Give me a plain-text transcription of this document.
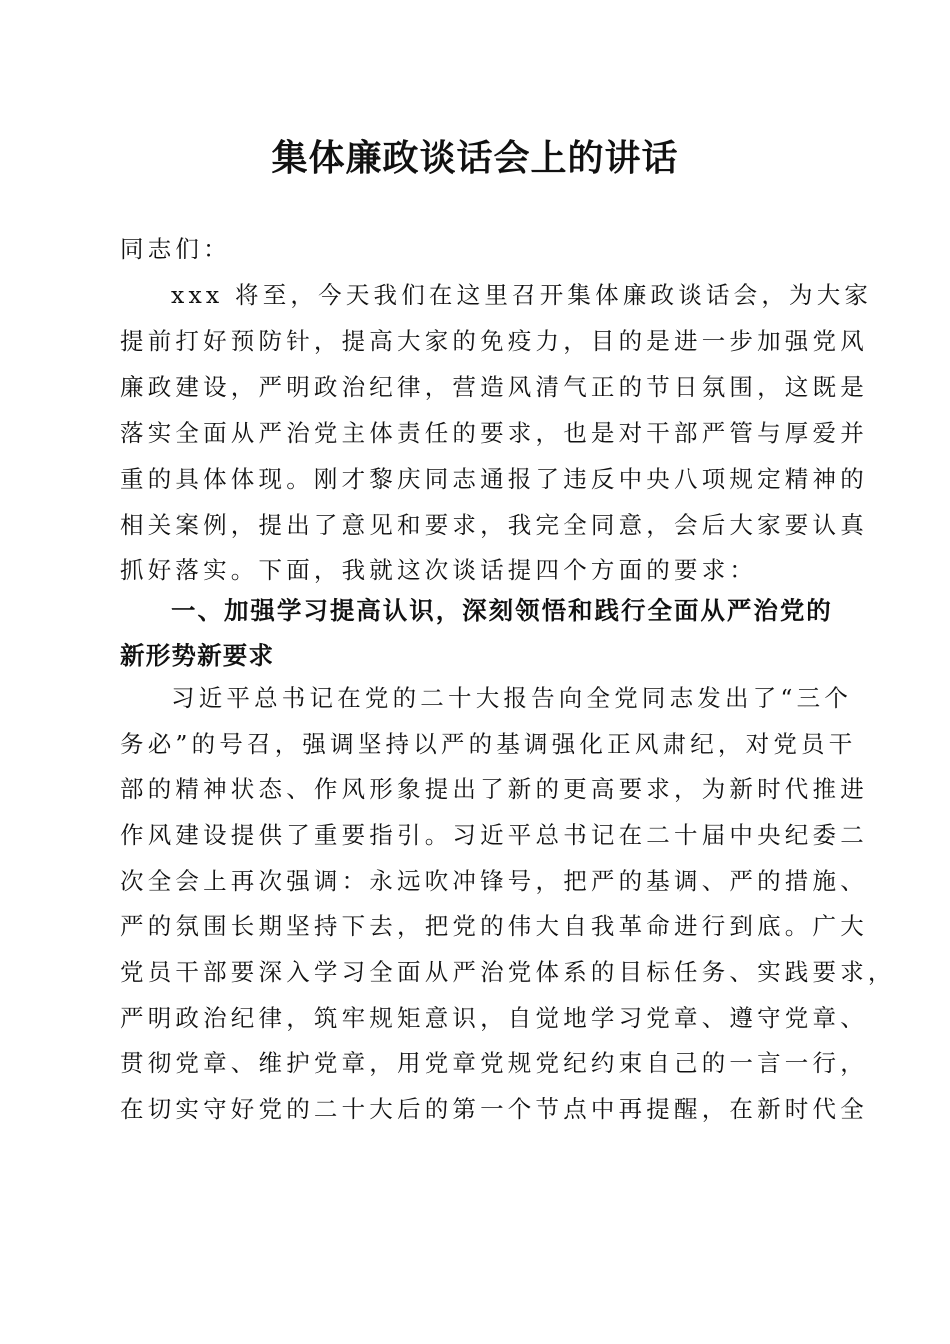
集体廉政谈话会上的讲话

同志们：

xxx 将至，今天我们在这里召开集体廉政谈话会，为大家

提前打好预防针，提高大家的免疫力，目的是进一步加强党风

廉政建设，严明政治纪律，营造风清气正的节日氛围，这既是

落实全面从严治党主体责任的要求，也是对干部严管与厚爱并

重的具体体现。刚才黎庆同志通报了违反中央八项规定精神的

相关案例，提出了意见和要求，我完全同意，会后大家要认真

抓好落实。下面，我就这次谈话提四个方面的要求：

一、加强学习提高认识，深刻领悟和践行全面从严治党的

新形势新要求

习近平总书记在党的二十大报告向全党同志发出了“三个

务必”的号召，强调坚持以严的基调强化正风肃纪，对党员干

部的精神状态、作风形象提出了新的更高要求，为新时代推进

作风建设提供了重要指引。习近平总书记在二十届中央纪委二

次全会上再次强调：永远吹冲锋号，把严的基调、严的措施、

严的氛围长期坚持下去，把党的伟大自我革命进行到底。广大

党员干部要深入学习全面从严治党体系的目标任务、实践要求，

严明政治纪律，筑牢规矩意识，自觉地学习党章、遵守党章、

贯彻党章、维护党章，用党章党规党纪约束自己的一言一行，

在切实守好党的二十大后的第一个节点中再提醒，在新时代全
